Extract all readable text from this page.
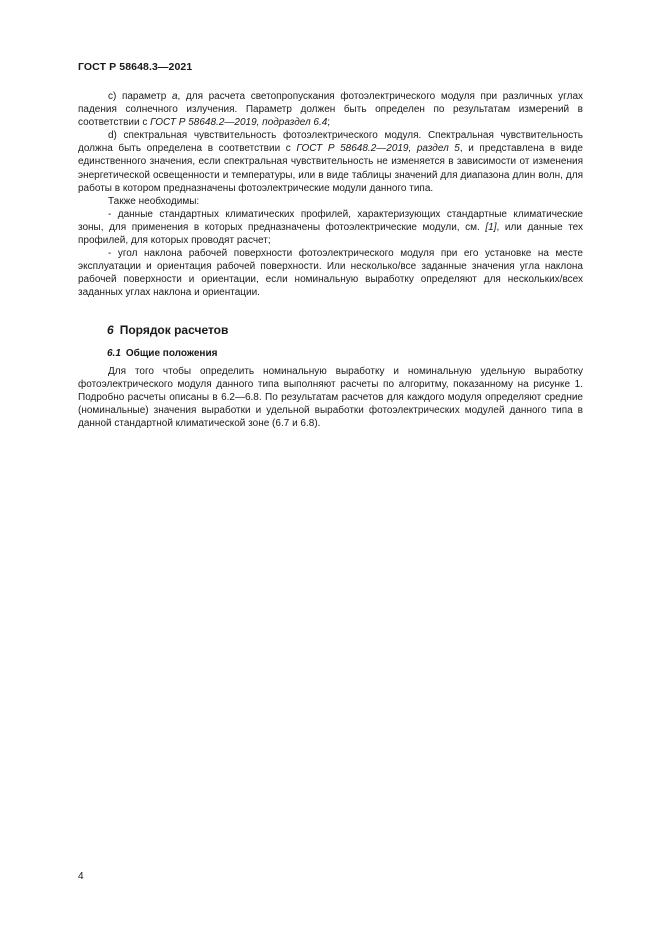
ГОСТ Р 58648.3—2021

c) параметр a, для расчета светопропускания фотоэлектрического модуля при различных углах падения солнечного излучения. Параметр должен быть определен по результатам измерений в соответствии с ГОСТ Р 58648.2—2019, подраздел 6.4;

d) спектральная чувствительность фотоэлектрического модуля. Спектральная чувствительность должна быть определена в соответствии с ГОСТ Р 58648.2—2019, раздел 5, и представлена в виде единственного значения, если спектральная чувствительность не изменяется в зависимости от изменения энергетической освещенности и температуры, или в виде таблицы значений для диапазона длин волн, для работы в котором предназначены фотоэлектрические модули данного типа.

Также необходимы:

- данные стандартных климатических профилей, характеризующих стандартные климатические зоны, для применения в которых предназначены фотоэлектрические модули, см. [1], или данные тех профилей, для которых проводят расчет;

- угол наклона рабочей поверхности фотоэлектрического модуля при его установке на месте эксплуатации и ориентация рабочей поверхности. Или несколько/все заданные значения угла наклона рабочей поверхности и ориентации, если номинальную выработку определяют для нескольких/всех заданных углах наклона и ориентации.

6 Порядок расчетов
6.1 Общие положения

Для того чтобы определить номинальную выработку и номинальную удельную выработку фотоэлектрического модуля данного типа выполняют расчеты по алгоритму, показанному на рисунке 1. Подробно расчеты описаны в 6.2—6.8. По результатам расчетов для каждого модуля определяют средние (номинальные) значения выработки и удельной выработки фотоэлектрических модулей данного типа в данной стандартной климатической зоне (6.7 и 6.8).

4
